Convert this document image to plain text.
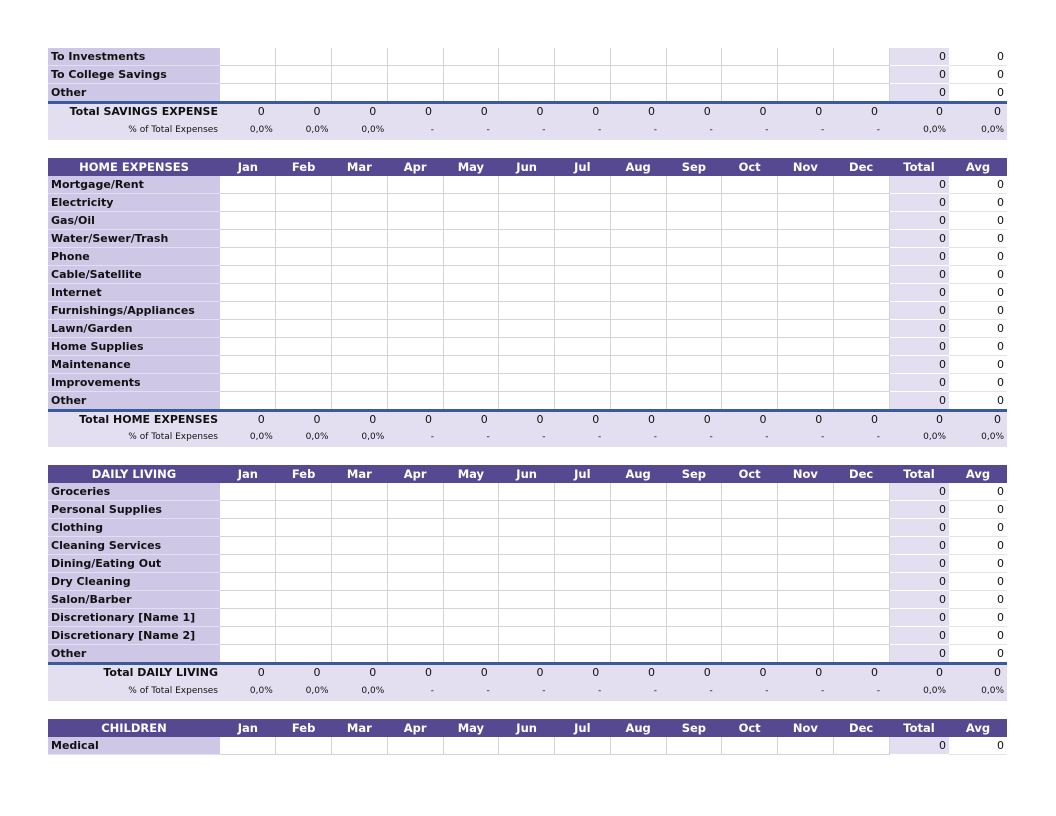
To Investments													0	0
To College Savings													0	0
Other													0	0
Total SAVINGS EXPENSE	0	0	0	0	0	0	0	0	0	0	0	0	0	0
% of Total Expenses	0,0%	0,0%	0,0%	-	-	-	-	-	-	-	-	-	0,0%	0,0%

HOME EXPENSES	Jan	Feb	Mar	Apr	May	Jun	Jul	Aug	Sep	Oct	Nov	Dec	Total	Avg
Mortgage/Rent													0	0
Electricity													0	0
Gas/Oil													0	0
Water/Sewer/Trash													0	0
Phone													0	0
Cable/Satellite													0	0
Internet													0	0
Furnishings/Appliances													0	0
Lawn/Garden													0	0
Home Supplies													0	0
Maintenance													0	0
Improvements													0	0
Other													0	0
Total HOME EXPENSES	0	0	0	0	0	0	0	0	0	0	0	0	0	0
% of Total Expenses	0,0%	0,0%	0,0%	-	-	-	-	-	-	-	-	-	0,0%	0,0%

DAILY LIVING	Jan	Feb	Mar	Apr	May	Jun	Jul	Aug	Sep	Oct	Nov	Dec	Total	Avg
Groceries													0	0
Personal Supplies													0	0
Clothing													0	0
Cleaning Services													0	0
Dining/Eating Out													0	0
Dry Cleaning													0	0
Salon/Barber													0	0
Discretionary [Name 1]													0	0
Discretionary [Name 2]													0	0
Other													0	0
Total DAILY LIVING	0	0	0	0	0	0	0	0	0	0	0	0	0	0
% of Total Expenses	0,0%	0,0%	0,0%	-	-	-	-	-	-	-	-	-	0,0%	0,0%

CHILDREN	Jan	Feb	Mar	Apr	May	Jun	Jul	Aug	Sep	Oct	Nov	Dec	Total	Avg
Medical													0	0
